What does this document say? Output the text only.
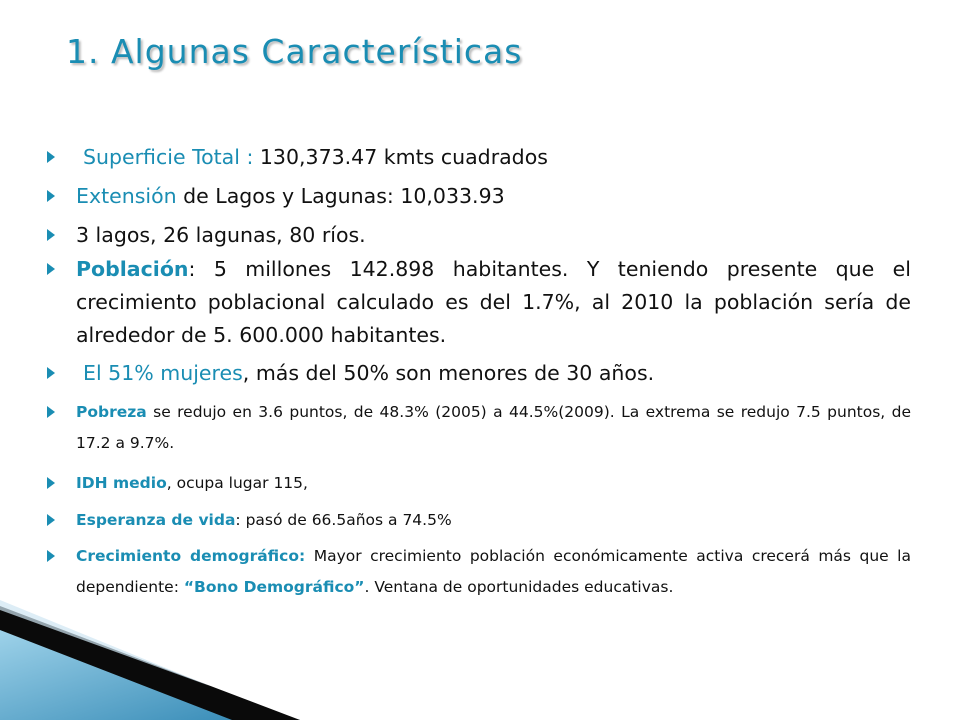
1. Algunas Características
Superficie Total : 130,373.47 kmts cuadrados
Extensión de Lagos y Lagunas: 10,033.93
3 lagos, 26 lagunas, 80 ríos.
Población: 5 millones 142.898 habitantes. Y teniendo presente que el crecimiento poblacional calculado es del 1.7%, al 2010 la población sería de alrededor de 5. 600.000 habitantes.
El 51% mujeres, más del 50% son menores de 30 años.
Pobreza se redujo en 3.6 puntos, de 48.3% (2005) a 44.5%(2009). La extrema se redujo 7.5 puntos, de 17.2 a 9.7%.
IDH medio, ocupa lugar 115,
Esperanza de vida: pasó de 66.5años a 74.5%
Crecimiento demográfico: Mayor crecimiento población económicamente activa crecerá más que la dependiente: “Bono Demográfico”. Ventana de oportunidades educativas.
